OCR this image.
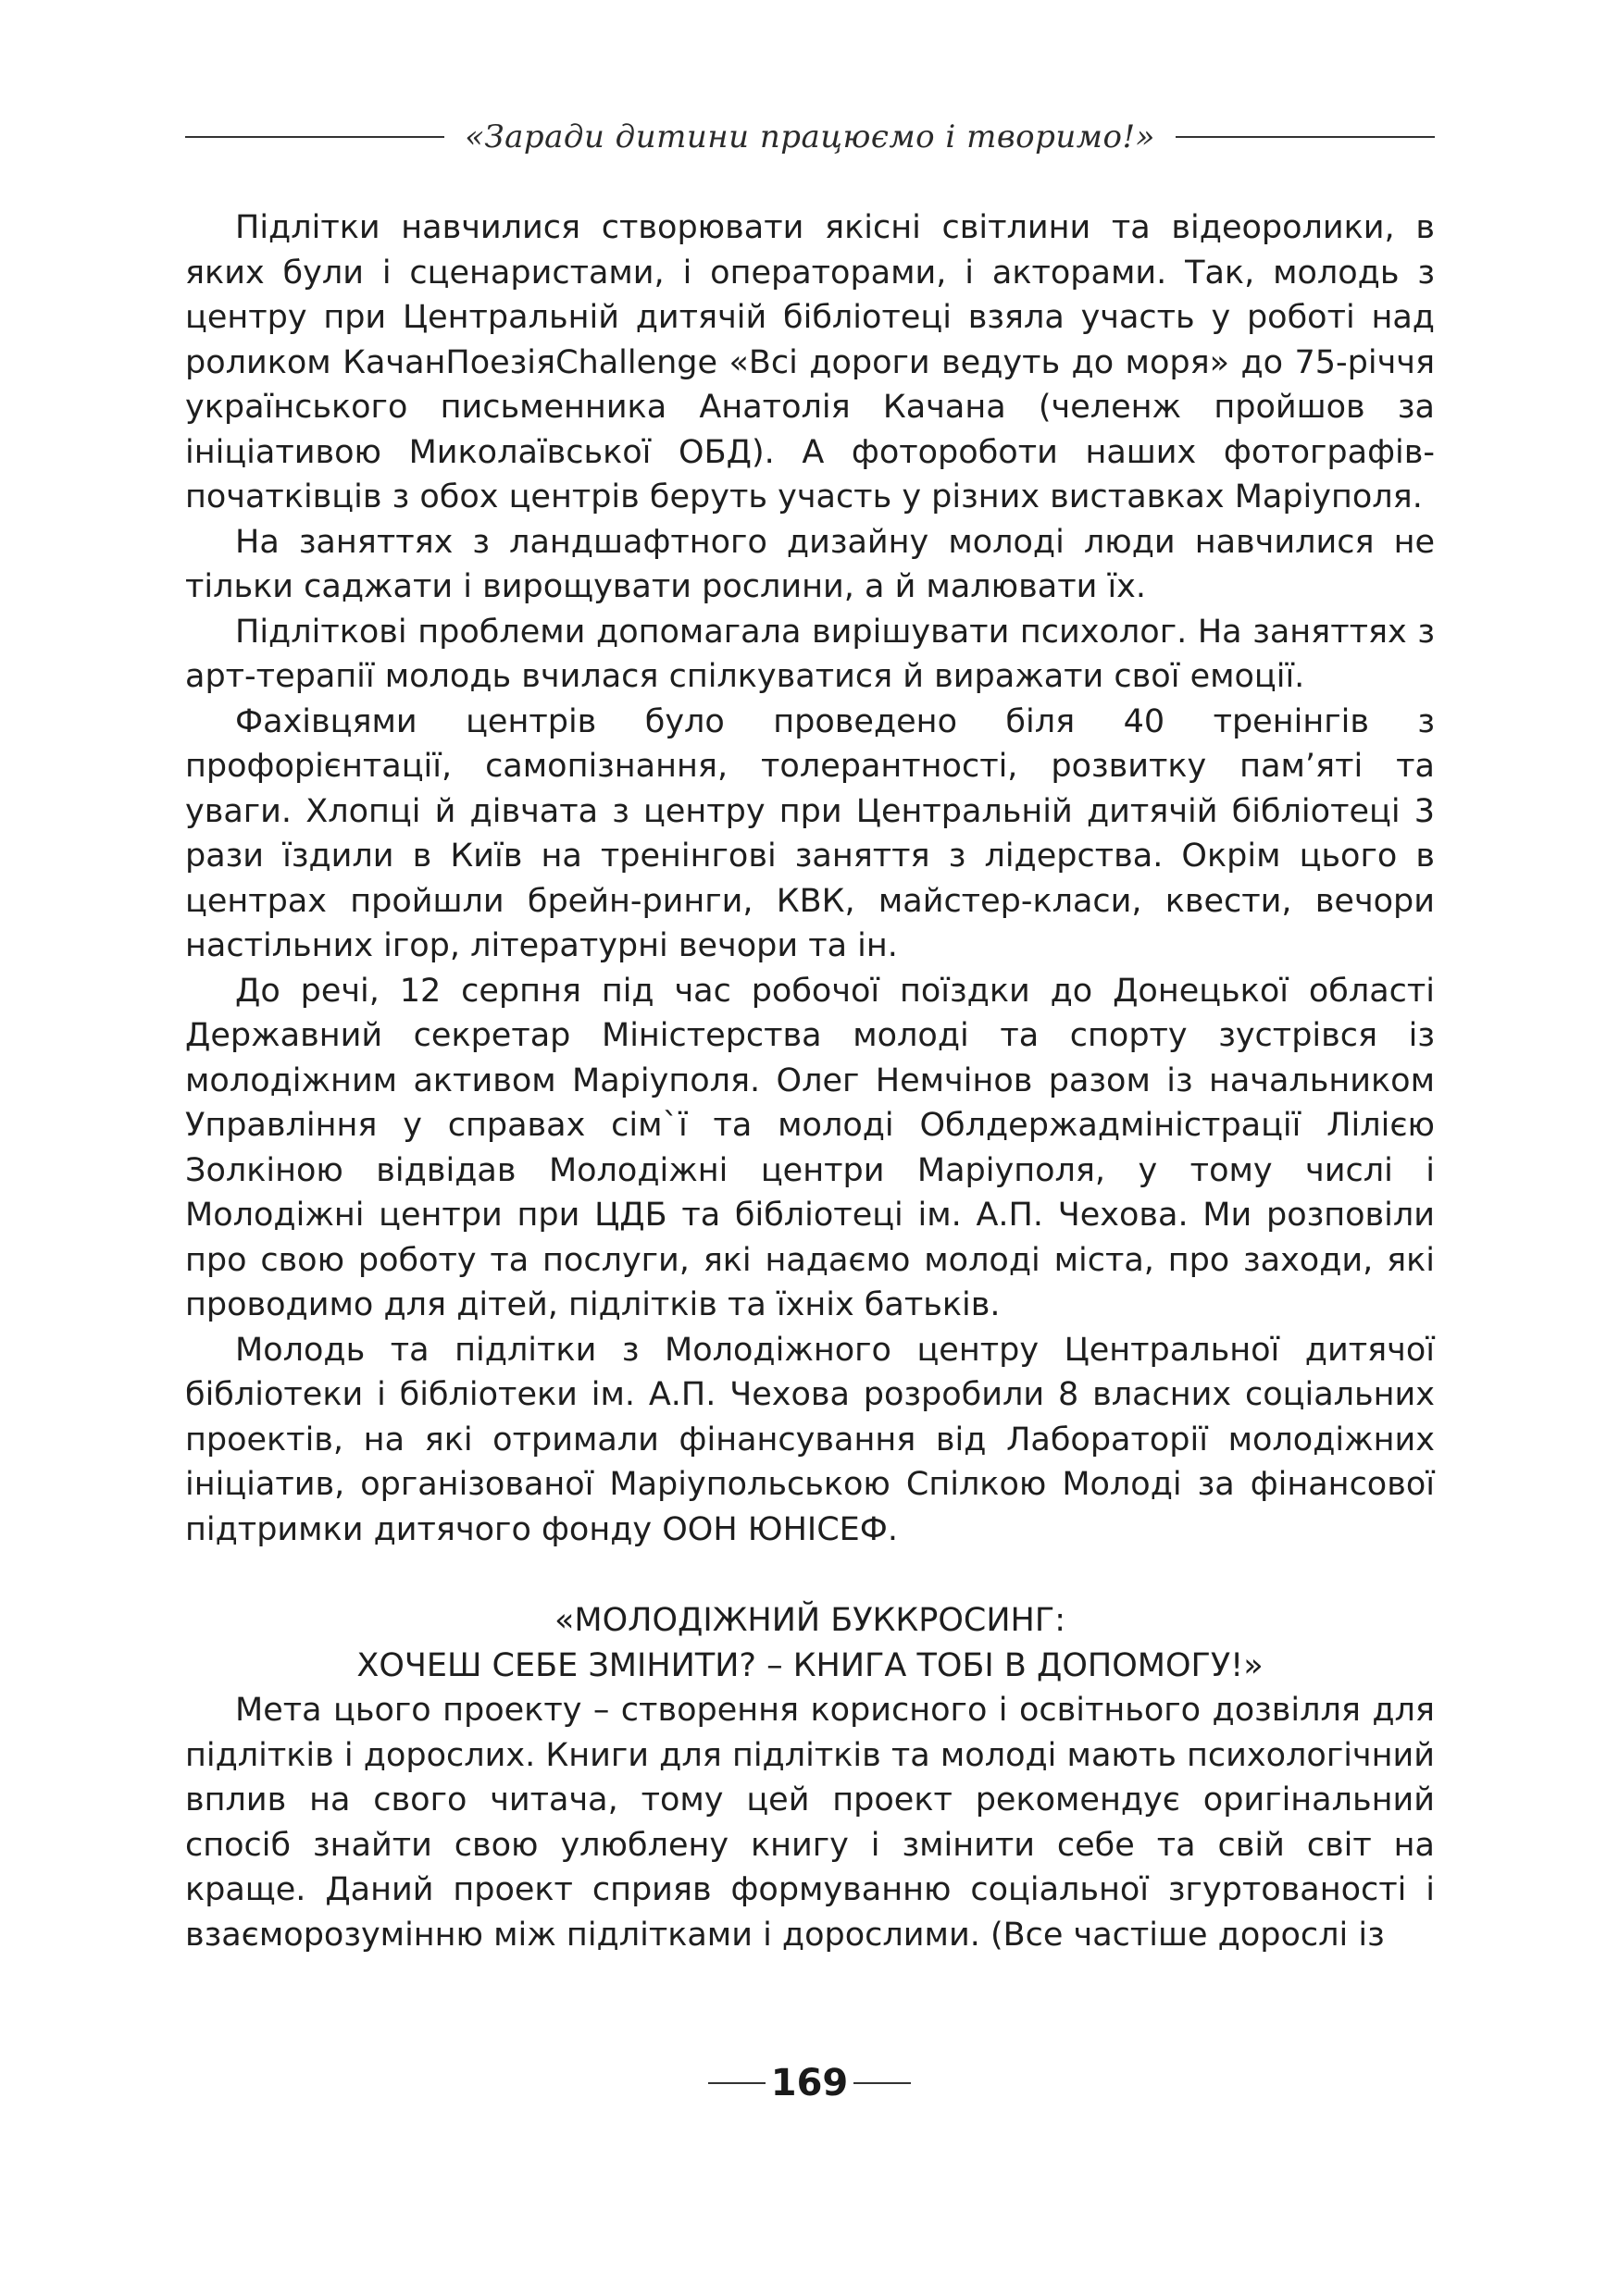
«Заради дитини працюємо і творимо!»

Підлітки навчилися створювати якісні світлини та відеоролики, в яких були і сценаристами, і операторами, і акторами. Так, молодь з центру при Центральній дитячій бібліотеці взяла участь у роботі над роликом КачанПоезіяChallenge «Всі дороги ведуть до моря» до 75-річчя українського письменника Анатолія Качана (челенж пройшов за ініціативою Миколаївської ОБД). А фотороботи наших фотографів-початківців з обох центрів беруть участь у різних виставках Маріуполя.

На заняттях з ландшафтного дизайну молоді люди навчилися не тільки саджати і вирощувати рослини, а й малювати їх.

Підліткові проблеми допомагала вирішувати психолог. На заняттях з арт-терапії молодь вчилася спілкуватися й виражати свої емоції.

Фахівцями центрів було проведено біля 40 тренінгів з профорієнтації, самопізнання, толерантності, розвитку пам’яті та уваги. Хлопці й дівчата з центру при Центральній дитячій бібліотеці 3 рази їздили в Київ на тренінгові заняття з лідерства. Окрім цього в центрах пройшли брейн-ринги, КВК, майстер-класи, квести, вечори настільних ігор, літературні вечори та ін.

До речі, 12 серпня під час робочої поїздки до Донецької області Державний секретар Міністерства молоді та спорту зустрівся із молодіжним активом Маріуполя. Олег Немчінов разом із начальником Управління у справах сім`ї та молоді Облдержадміністрації Лілією Золкіною відвідав Молодіжні центри Маріуполя, у тому числі і Молодіжні центри при ЦДБ та бібліотеці ім. А.П. Чехова. Ми розповіли про свою роботу та послуги, які надаємо молоді міста, про заходи, які проводимо для дітей, підлітків та їхніх батьків.

Молодь та підлітки з Молодіжного центру Центральної дитячої бібліотеки і бібліотеки ім. А.П. Чехова розробили 8 власних соціальних проектів, на які отримали фінансування від Лабораторії молодіжних ініціатив, організованої Маріупольською Спілкою Молоді за фінансової підтримки дитячого фонду ООН ЮНІСЕФ.

«МОЛОДІЖНИЙ БУККРОСИНГ:
ХОЧЕШ СЕБЕ ЗМІНИТИ? – КНИГА ТОБІ В ДОПОМОГУ!»

Мета цього проекту – створення корисного і освітнього дозвілля для підлітків і дорослих. Книги для підлітків та молоді мають психологічний вплив на свого читача, тому цей проект рекомендує оригінальний спосіб знайти свою улюблену книгу і змінити себе та свій світ на краще. Даний проект сприяв формуванню соціальної згуртованості і взаєморозумінню між підлітками і дорослими. (Все частіше дорослі із

169
